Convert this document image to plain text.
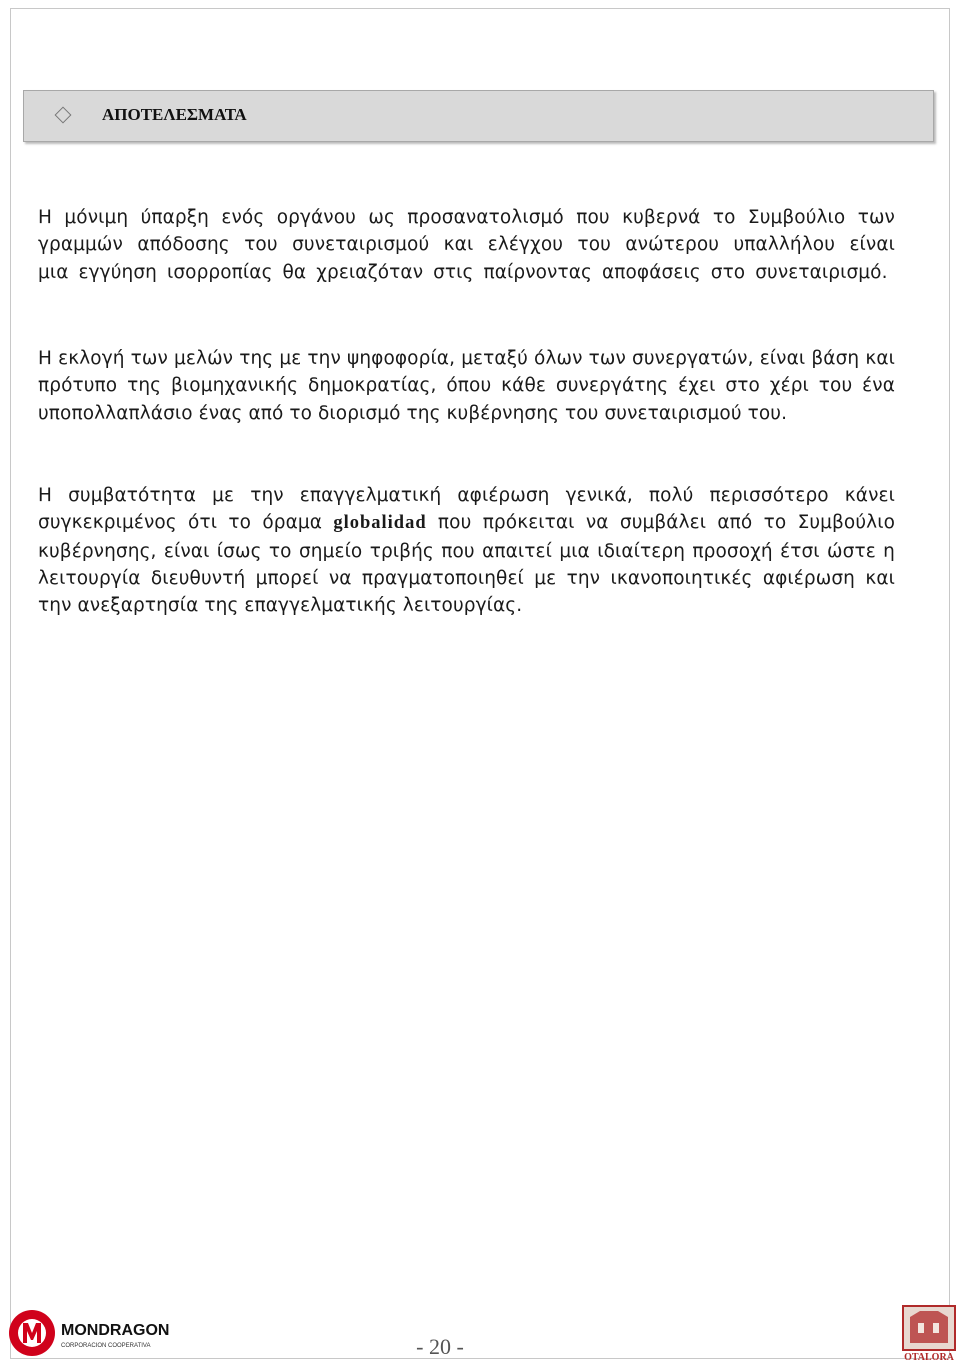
ΑΠΟΤΕΛΕΣΜΑΤΑ

Η μόνιμη ύπαρξη ενός οργάνου ως προσανατολισμό που κυβερνά το Συμβούλιο των γραμμών απόδοσης του συνεταιρισμού και ελέγχου του ανώτερου υπαλλήλου είναι μια εγγύηση ισορροπίας θα χρειαζόταν στις παίρνοντας αποφάσεις στο συνεταιρισμό.

Η εκλογή των μελών της με την ψηφοφορία, μεταξύ όλων των συνεργατών, είναι βάση και πρότυπο της βιομηχανικής δημοκρατίας, όπου κάθε συνεργάτης έχει στο χέρι του ένα υποπολλαπλάσιο ένας από το διορισμό της κυβέρνησης του συνεταιρισμού του.

Η συμβατότητα με την επαγγελματική αφιέρωση γενικά, πολύ περισσότερο κάνει συγκεκριμένος ότι το όραμα globalidad που πρόκειται να συμβάλει από το Συμβούλιο κυβέρνησης, είναι ίσως το σημείο τριβής που απαιτεί μια ιδιαίτερη προσοχή έτσι ώστε η λειτουργία διευθυντή μπορεί να πραγματοποιηθεί με την ικανοποιητικές αφιέρωση και την ανεξαρτησία της επαγγελματικής λειτουργίας.

MONDRAGON
CORPORACION COOPERATIVA	- 20 -	OTALORA
